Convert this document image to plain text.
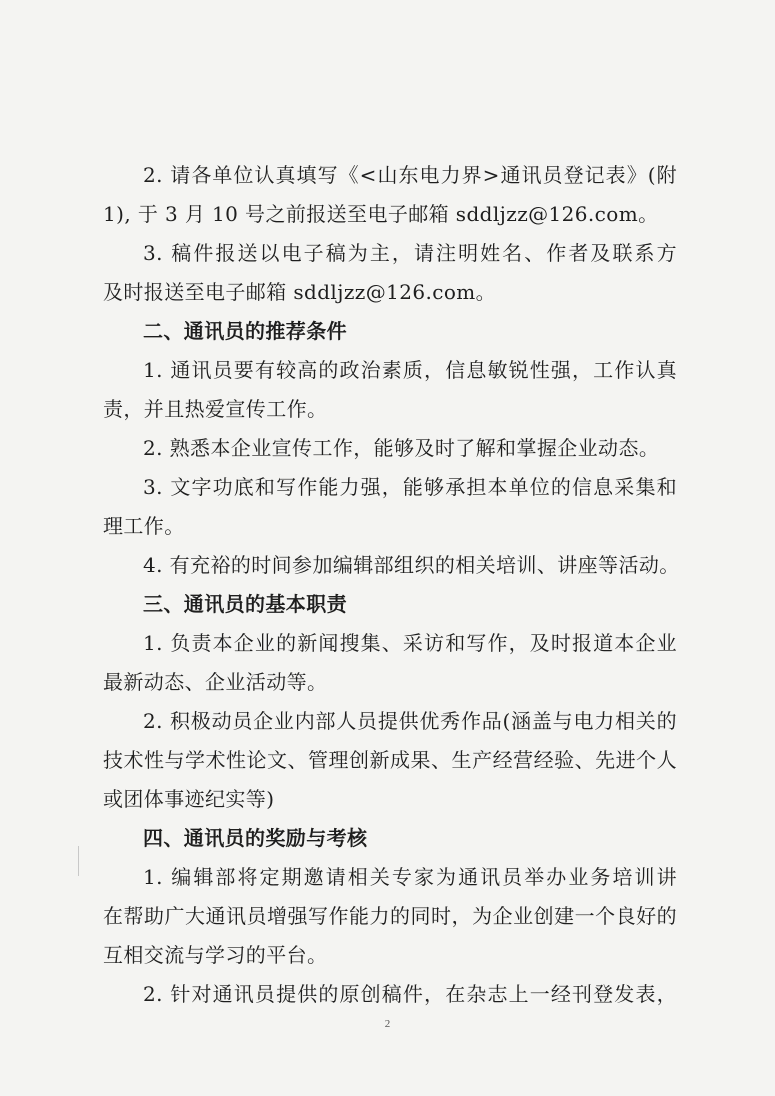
2. 请各单位认真填写《<山东电力界>通讯员登记表》(附
1), 于 3 月 10 号之前报送至电子邮箱 sddljzz@126.com。
3. 稿件报送以电子稿为主，请注明姓名、作者及联系方
及时报送至电子邮箱 sddljzz@126.com。
二、通讯员的推荐条件
1. 通讯员要有较高的政治素质，信息敏锐性强，工作认真
责，并且热爱宣传工作。
2. 熟悉本企业宣传工作，能够及时了解和掌握企业动态。
3. 文字功底和写作能力强，能够承担本单位的信息采集和
理工作。
4. 有充裕的时间参加编辑部组织的相关培训、讲座等活动。
三、通讯员的基本职责
1. 负责本企业的新闻搜集、采访和写作，及时报道本企业
最新动态、企业活动等。
2. 积极动员企业内部人员提供优秀作品(涵盖与电力相关的
技术性与学术性论文、管理创新成果、生产经营经验、先进个人
或团体事迹纪实等)
四、通讯员的奖励与考核
1. 编辑部将定期邀请相关专家为通讯员举办业务培训讲
在帮助广大通讯员增强写作能力的同时，为企业创建一个良好的
互相交流与学习的平台。
2. 针对通讯员提供的原创稿件，在杂志上一经刊登发表，
2
